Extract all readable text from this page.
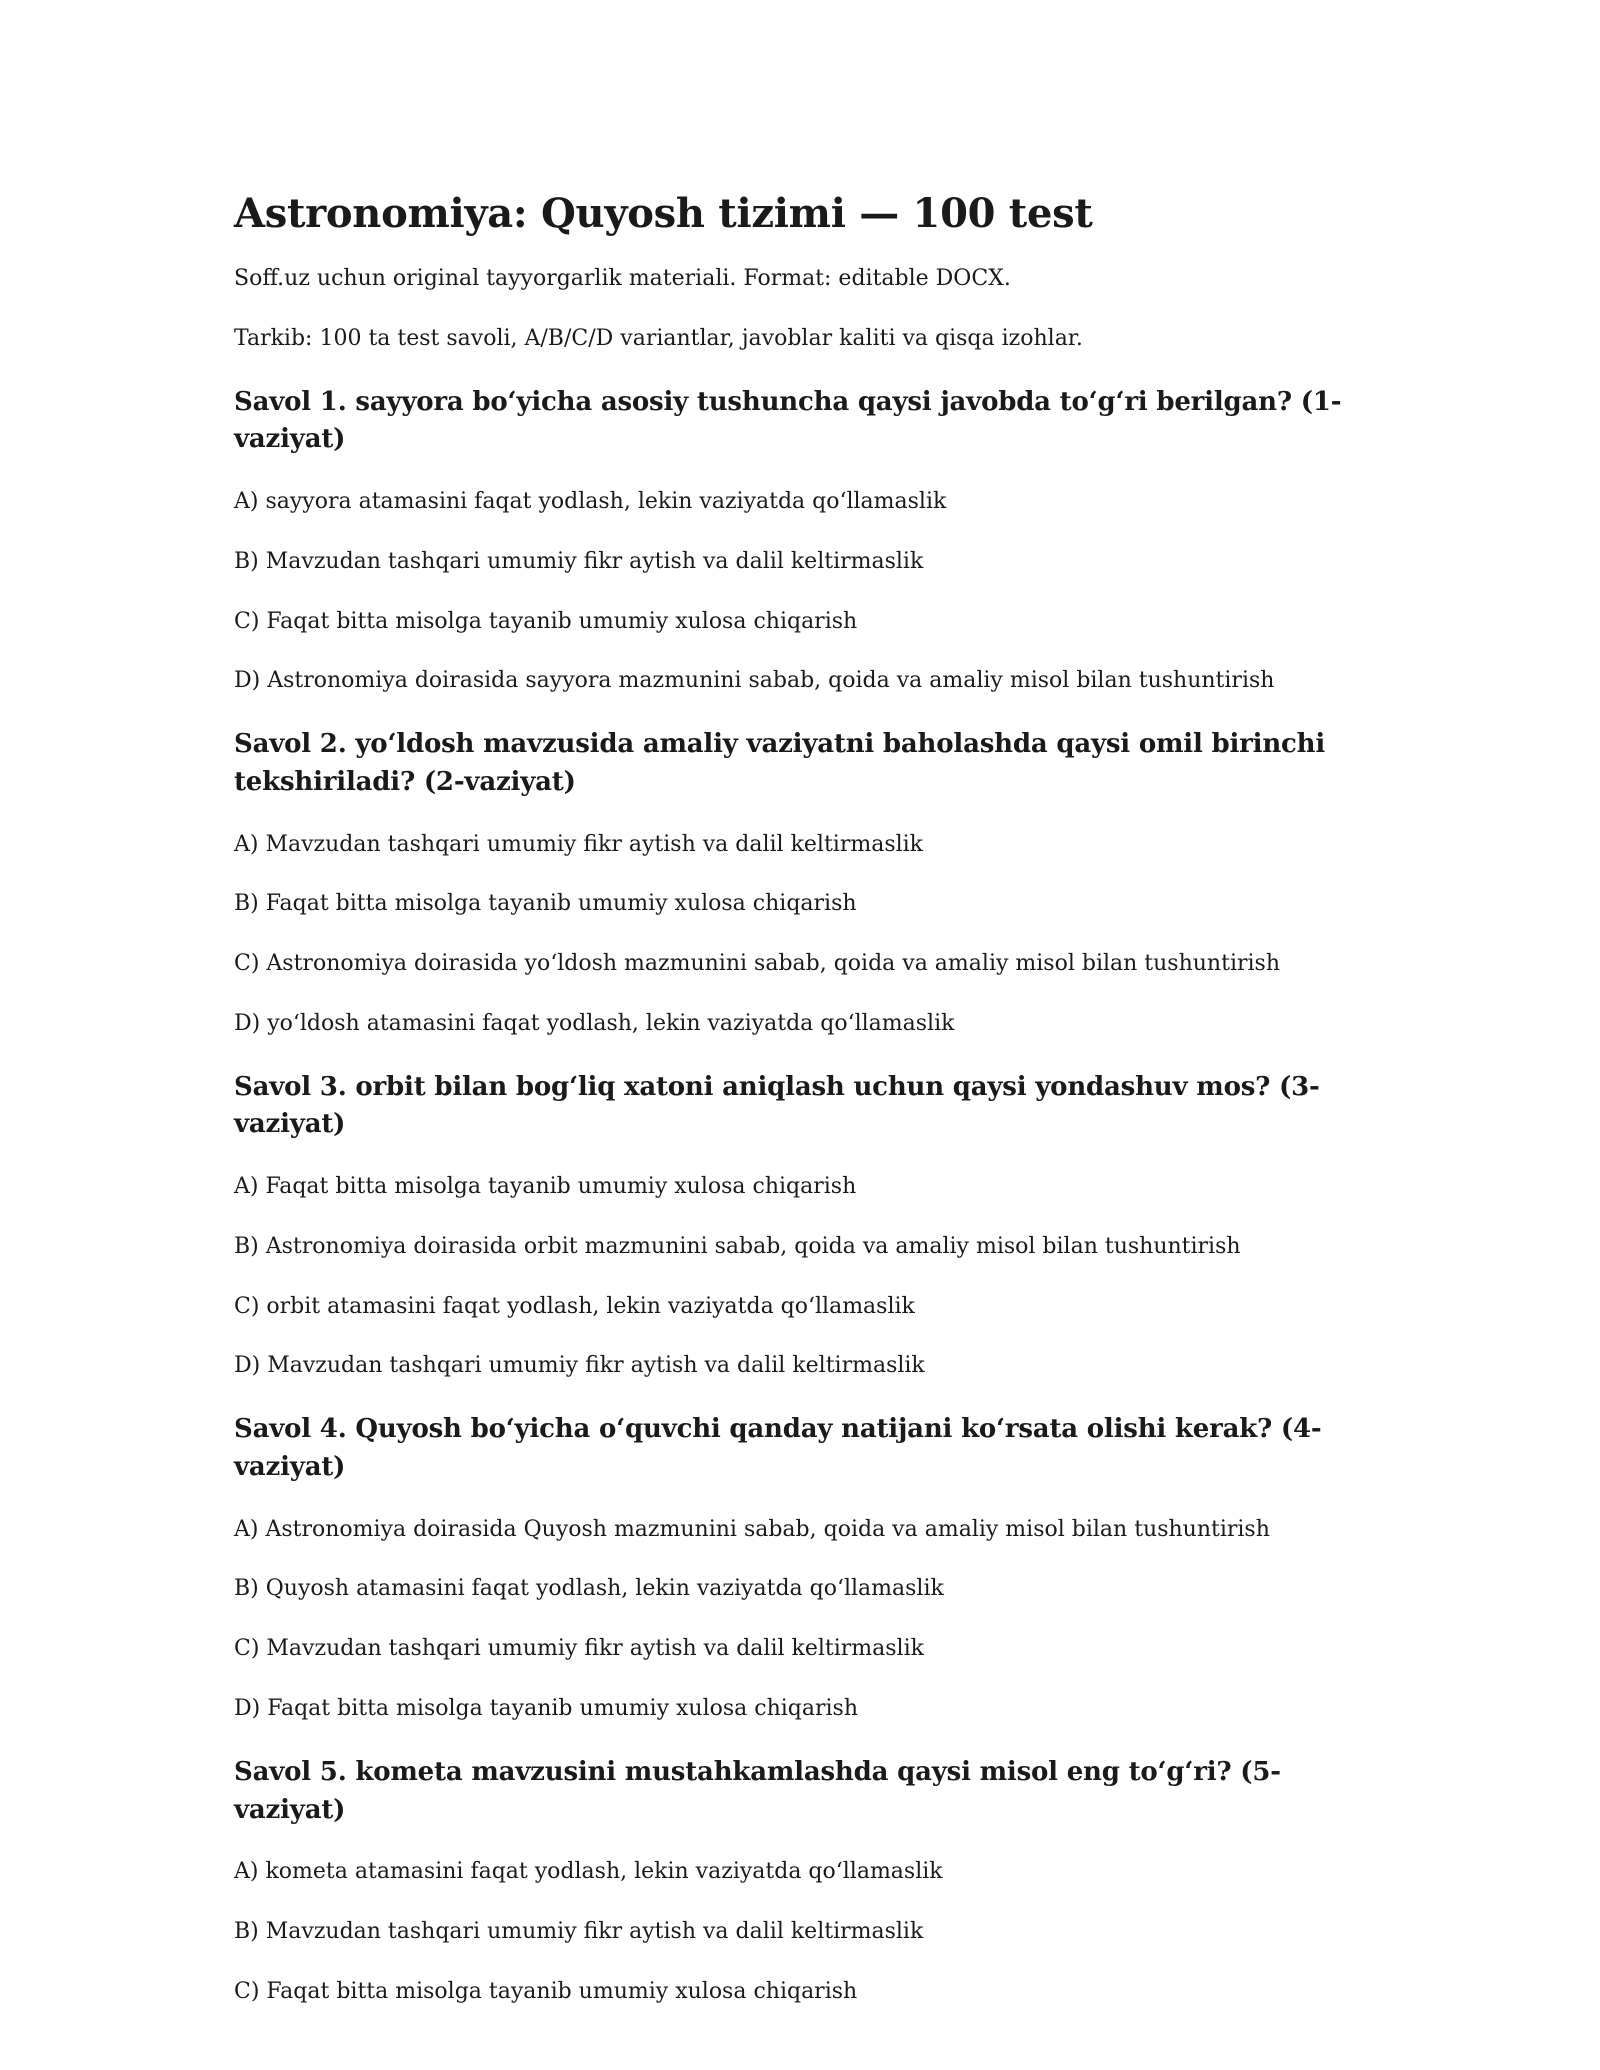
Astronomiya: Quyosh tizimi — 100 test

Soff.uz uchun original tayyorgarlik materiali. Format: editable DOCX.

Tarkib: 100 ta test savoli, A/B/C/D variantlar, javoblar kaliti va qisqa izohlar.

Savol 1. sayyora bo‘yicha asosiy tushuncha qaysi javobda to‘g‘ri berilgan? (1-vaziyat)

A) sayyora atamasini faqat yodlash, lekin vaziyatda qo‘llamaslik

B) Mavzudan tashqari umumiy fikr aytish va dalil keltirmaslik

C) Faqat bitta misolga tayanib umumiy xulosa chiqarish

D) Astronomiya doirasida sayyora mazmunini sabab, qoida va amaliy misol bilan tushuntirish

Savol 2. yo‘ldosh mavzusida amaliy vaziyatni baholashda qaysi omil birinchi tekshiriladi? (2-vaziyat)

A) Mavzudan tashqari umumiy fikr aytish va dalil keltirmaslik

B) Faqat bitta misolga tayanib umumiy xulosa chiqarish

C) Astronomiya doirasida yo‘ldosh mazmunini sabab, qoida va amaliy misol bilan tushuntirish

D) yo‘ldosh atamasini faqat yodlash, lekin vaziyatda qo‘llamaslik

Savol 3. orbit bilan bog‘liq xatoni aniqlash uchun qaysi yondashuv mos? (3-vaziyat)

A) Faqat bitta misolga tayanib umumiy xulosa chiqarish

B) Astronomiya doirasida orbit mazmunini sabab, qoida va amaliy misol bilan tushuntirish

C) orbit atamasini faqat yodlash, lekin vaziyatda qo‘llamaslik

D) Mavzudan tashqari umumiy fikr aytish va dalil keltirmaslik

Savol 4. Quyosh bo‘yicha o‘quvchi qanday natijani ko‘rsata olishi kerak? (4-vaziyat)

A) Astronomiya doirasida Quyosh mazmunini sabab, qoida va amaliy misol bilan tushuntirish

B) Quyosh atamasini faqat yodlash, lekin vaziyatda qo‘llamaslik

C) Mavzudan tashqari umumiy fikr aytish va dalil keltirmaslik

D) Faqat bitta misolga tayanib umumiy xulosa chiqarish

Savol 5. kometa mavzusini mustahkamlashda qaysi misol eng to‘g‘ri? (5-vaziyat)

A) kometa atamasini faqat yodlash, lekin vaziyatda qo‘llamaslik

B) Mavzudan tashqari umumiy fikr aytish va dalil keltirmaslik

C) Faqat bitta misolga tayanib umumiy xulosa chiqarish
